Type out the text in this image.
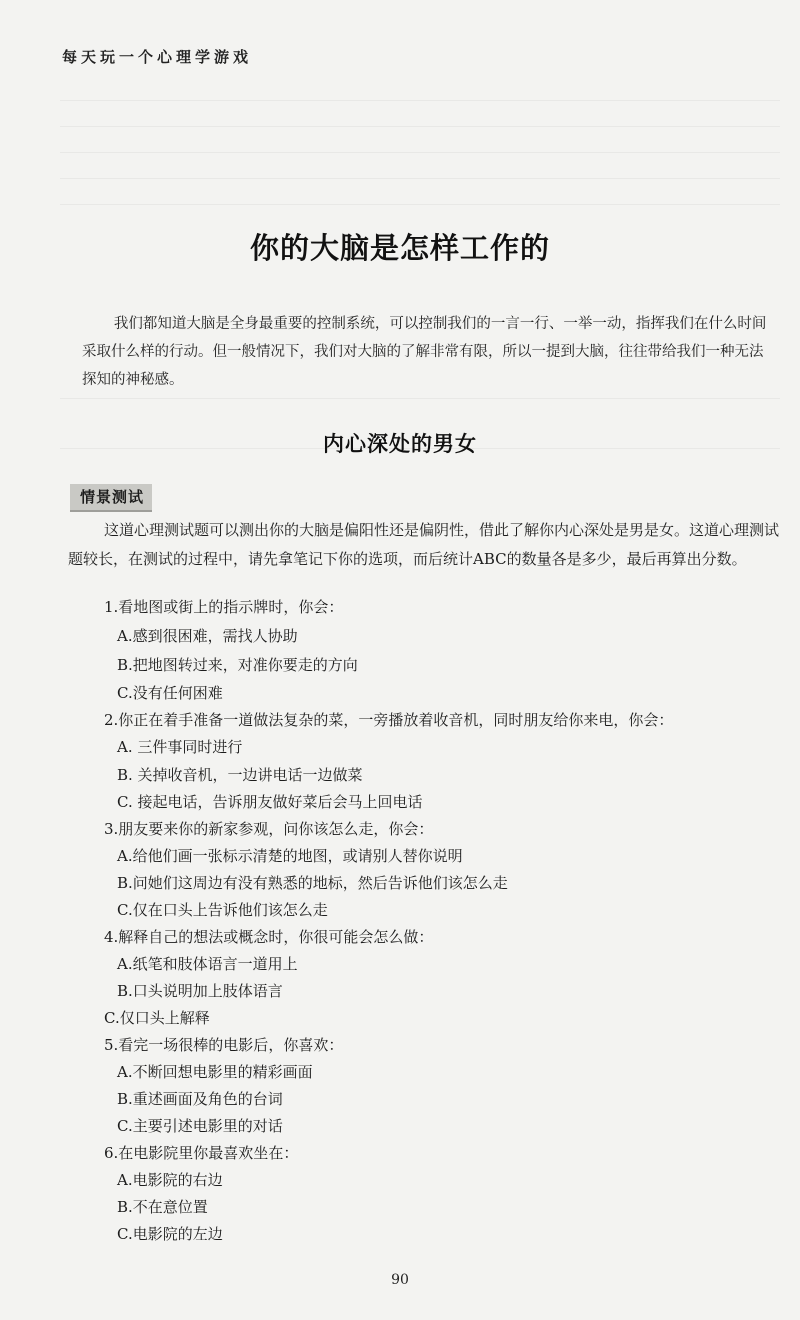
每天玩一个心理学游戏
你的大脑是怎样工作的
我们都知道大脑是全身最重要的控制系统，可以控制我们的一言一行、一举一动，指挥我们在什么时间采取什么样的行动。但一般情况下，我们对大脑的了解非常有限，所以一提到大脑，往往带给我们一种无法探知的神秘感。
内心深处的男女
情景测试
这道心理测试题可以测出你的大脑是偏阳性还是偏阴性，借此了解你内心深处是男是女。这道心理测试题较长，在测试的过程中，请先拿笔记下你的选项，而后统计ABC的数量各是多少，最后再算出分数。
1.看地图或街上的指示牌时，你会：
A.感到很困难，需找人协助
B.把地图转过来，对准你要走的方向
C.没有任何困难
2.你正在着手准备一道做法复杂的菜，一旁播放着收音机，同时朋友给你来电，你会：
A. 三件事同时进行
B. 关掉收音机，一边讲电话一边做菜
C. 接起电话，告诉朋友做好菜后会马上回电话
3.朋友要来你的新家参观，问你该怎么走，你会：
A.给他们画一张标示清楚的地图，或请别人替你说明
B.问她们这周边有没有熟悉的地标，然后告诉他们该怎么走
C.仅在口头上告诉他们该怎么走
4.解释自己的想法或概念时，你很可能会怎么做：
A.纸笔和肢体语言一道用上
B.口头说明加上肢体语言
C.仅口头上解释
5.看完一场很棒的电影后，你喜欢：
A.不断回想电影里的精彩画面
B.重述画面及角色的台词
C.主要引述电影里的对话
6.在电影院里你最喜欢坐在：
A.电影院的右边
B.不在意位置
C.电影院的左边
90
